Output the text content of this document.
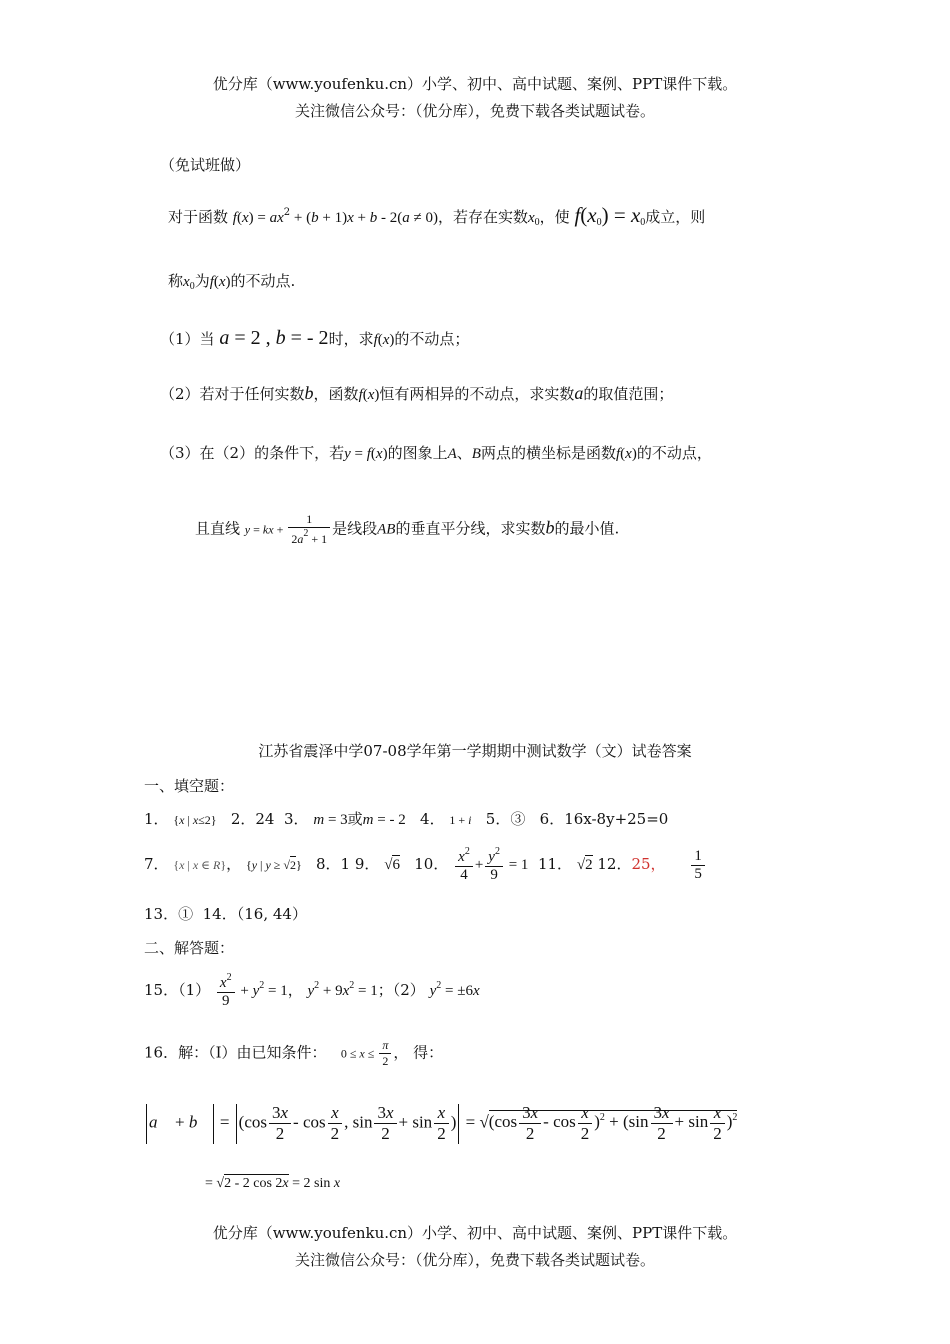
优分库（www.youfenku.cn）小学、初中、高中试题、案例、PPT课件下载。
关注微信公众号：（优分库），免费下载各类试题试卷。
（免试班做）
对于函数 $f(x) = ax^2 + (b + 1)x + b - 2(a \ne 0)$，若存在实数$x_0$，使 $f(x_0) = x_0$成立，则
称$x_0$为f(x)的不动点.
（1）当 a = 2 , b = - 2时，求f(x)的不动点；
（2）若对于任何实数b，函数f(x)恒有两相异的不动点，求实数a的取值范围；
（3）在（2）的条件下，若y = f(x)的图象上A、B两点的横坐标是函数f(x)的不动点，
且直线 y = kx + $\frac{1}{2a^2 + 1}$ 是线段AB的垂直平分线，求实数b的最小值.
江苏省震泽中学07-08学年第一学期期中测试数学（文）试卷答案
一、填空题：
1． {x | x≤2} 2．24 3． m = 3或m = - 2 4． 1 + i 5．③ 6．16x-8y+25=0
7． {x | x ∈ R}， {y | y ≥ √2} 8．1 9． √6 10． $\frac{x^2}{4} + \frac{y^2}{9} = 1$ 11． √2 12．25， $\frac{1}{5}$
13．① 14．（16, 44）
二、解答题：
15．$(1) \frac{x^2}{9} + y^2 = 1$， $y^2 + 9x^2 = 1$；（2） $y^2 = \pm 6x$
16．解：（I）由已知条件： $0 \le x \le \frac{\pi}{2}$ ， 得：
a⃗ + b⃗ = ($\cos \frac{3x}{2}$ - $\cos \frac{x}{2}$ , $\sin \frac{3x}{2} + \sin \frac{x}{2}$ ) = $√(\cos \frac{3x}{2} - \cos \frac{x}{2} )^2 + (\sin \frac{3x}{2} + \sin \frac{x}{2} )^2$
= √2 - 2 cos 2x = 2 sin x
优分库（www.youfenku.cn）小学、初中、高中试题、案例、PPT课件下载。
关注微信公众号：（优分库），免费下载各类试题试卷。
